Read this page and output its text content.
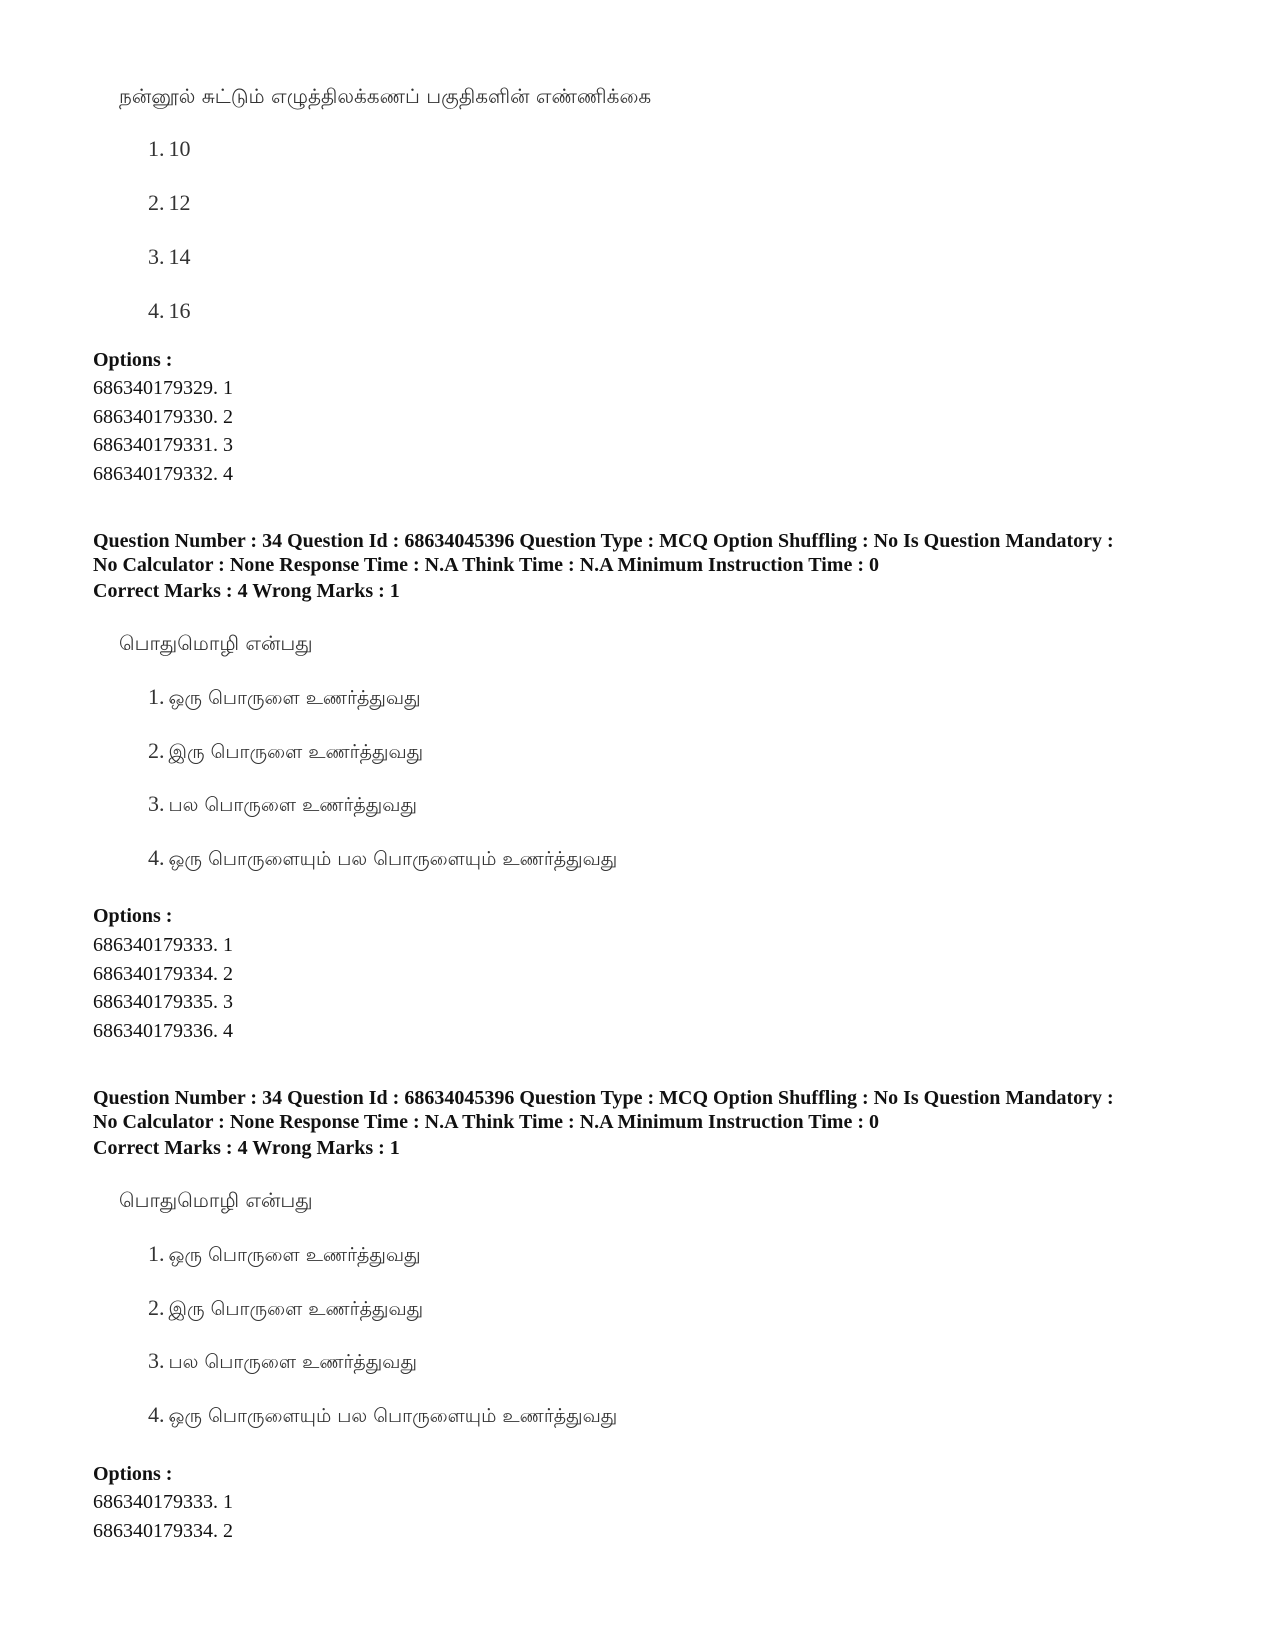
நன்னூல் சுட்டும் எழுத்திலக்கணப் பகுதிகளின் எண்ணிக்கை
1. 10
2. 12
3. 14
4. 16
Options :
686340179329. 1
686340179330. 2
686340179331. 3
686340179332. 4
Question Number : 34 Question Id : 68634045396 Question Type : MCQ Option Shuffling : No Is Question Mandatory :
No Calculator : None Response Time : N.A Think Time : N.A Minimum Instruction Time : 0
Correct Marks : 4 Wrong Marks : 1
பொதுமொழி என்பது
1. ஒரு பொருளை உணர்த்துவது
2. இரு பொருளை உணர்த்துவது
3. பல பொருளை உணர்த்துவது
4. ஒரு பொருளையும் பல பொருளையும் உணர்த்துவது
Options :
686340179333. 1
686340179334. 2
686340179335. 3
686340179336. 4
Question Number : 34 Question Id : 68634045396 Question Type : MCQ Option Shuffling : No Is Question Mandatory :
No Calculator : None Response Time : N.A Think Time : N.A Minimum Instruction Time : 0
Correct Marks : 4 Wrong Marks : 1
பொதுமொழி என்பது
1. ஒரு பொருளை உணர்த்துவது
2. இரு பொருளை உணர்த்துவது
3. பல பொருளை உணர்த்துவது
4. ஒரு பொருளையும் பல பொருளையும் உணர்த்துவது
Options :
686340179333. 1
686340179334. 2
